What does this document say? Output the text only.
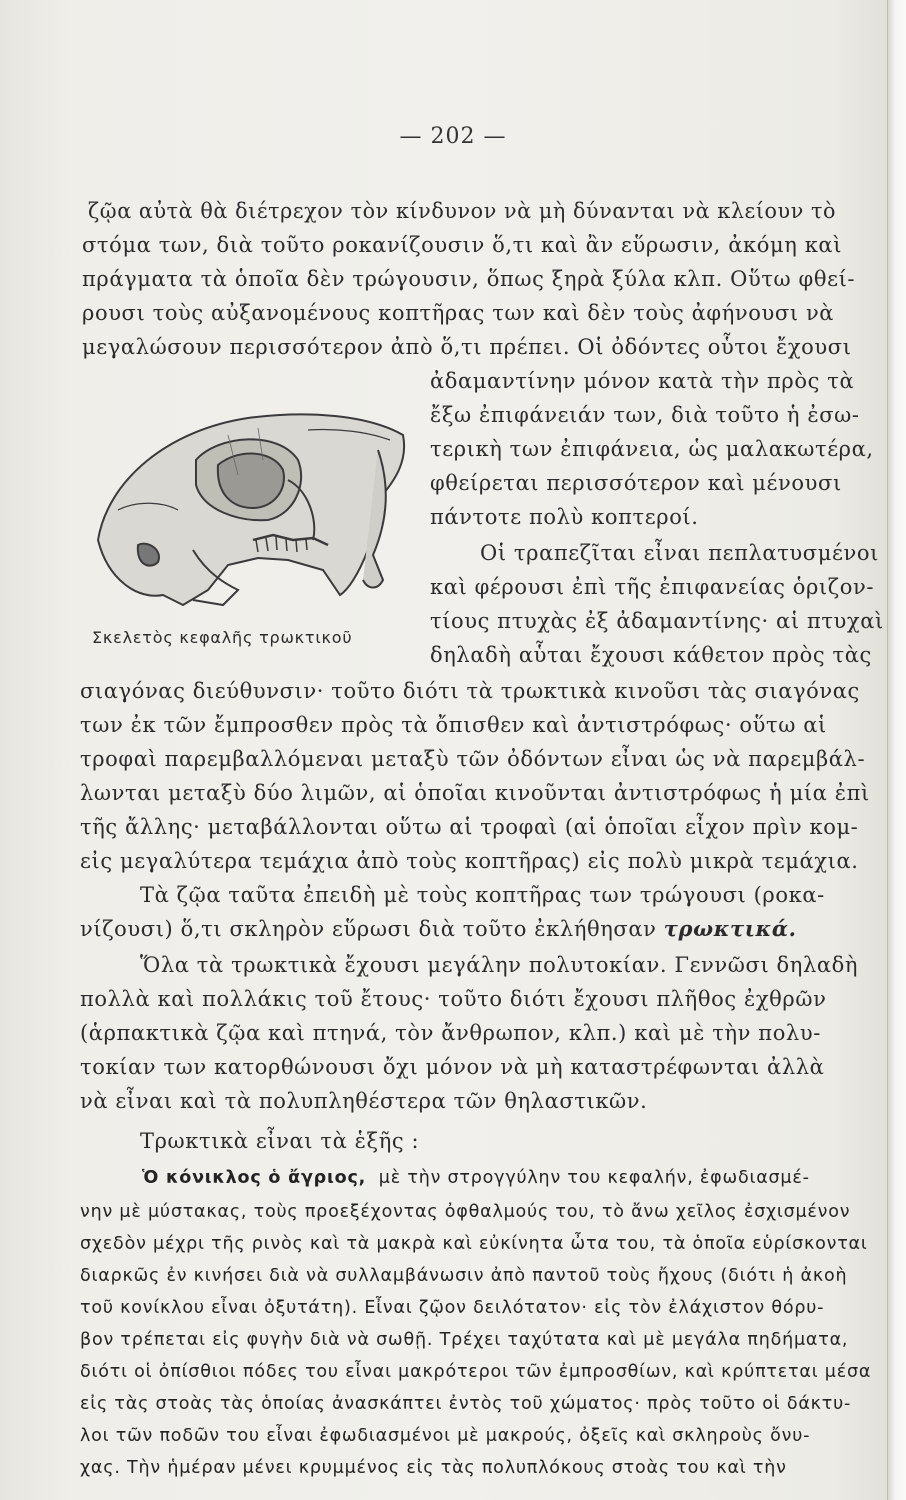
— 202 —
ζῷα αὐτὰ θὰ διέτρεχον τὸν κίνδυνον νὰ μὴ δύνανται νὰ κλείουν τὸ
στόμα των, διὰ τοῦτο ροκανίζουσιν ὅ,τι καὶ ἂν εὕρωσιν, ἀκόμη καὶ
πράγματα τὰ ὁποῖα δὲν τρώγουσιν, ὅπως ξηρὰ ξύλα κλπ. Οὕτω φθεί-
ρουσι τοὺς αὐξανομένους κοπτῆρας των καὶ δὲν τοὺς ἀφήνουσι νὰ
μεγαλώσουν περισσότερον ἀπὸ ὅ,τι πρέπει. Οἱ ὀδόντες οὗτοι ἔχουσι
Σκελετὸς κεφαλῆς τρωκτικοῦ
ἀδαμαντίνην μόνον κατὰ τὴν πρὸς τὰ
ἔξω ἐπιφάνειάν των, διὰ τοῦτο ἡ ἐσω-
τερικὴ των ἐπιφάνεια, ὡς μαλακωτέρα,
φθείρεται περισσότερον καὶ μένουσι
πάντοτε πολὺ κοπτεροί.
Οἱ τραπεζῖται εἶναι πεπλατυσμένοι
καὶ φέρουσι ἐπὶ τῆς ἐπιφανείας ὁριζον-
τίους πτυχὰς ἐξ ἀδαμαντίνης· αἱ πτυχαὶ
δηλαδὴ αὗται ἔχουσι κάθετον πρὸς τὰς
σιαγόνας διεύθυνσιν· τοῦτο διότι τὰ τρωκτικὰ κινοῦσι τὰς σιαγόνας
των ἐκ τῶν ἔμπροσθεν πρὸς τὰ ὄπισθεν καὶ ἀντιστρόφως· οὕτω αἱ
τροφαὶ παρεμβαλλόμεναι μεταξὺ τῶν ὀδόντων εἶναι ὡς νὰ παρεμβάλ-
λωνται μεταξὺ δύο λιμῶν, αἱ ὁποῖαι κινοῦνται ἀντιστρόφως ἡ μία ἐπὶ
τῆς ἄλλης· μεταβάλλονται οὕτω αἱ τροφαὶ (αἱ ὁποῖαι εἶχον πρὶν κομ-
εἰς μεγαλύτερα τεμάχια ἀπὸ τοὺς κοπτῆρας) εἰς πολὺ μικρὰ τεμάχια.
Τὰ ζῷα ταῦτα ἐπειδὴ μὲ τοὺς κοπτῆρας των τρώγουσι (ροκα-
νίζουσι) ὅ,τι σκληρὸν εὕρωσι διὰ τοῦτο ἐκλήθησαν τρωκτικά.
Ὅλα τὰ τρωκτικὰ ἔχουσι μεγάλην πολυτοκίαν. Γεννῶσι δηλαδὴ
πολλὰ καὶ πολλάκις τοῦ ἔτους· τοῦτο διότι ἔχουσι πλῆθος ἐχθρῶν
(ἁρπακτικὰ ζῷα καὶ πτηνά, τὸν ἄνθρωπον, κλπ.) καὶ μὲ τὴν πολυ-
τοκίαν των κατορθώνουσι ὄχι μόνον νὰ μὴ καταστρέφωνται ἀλλὰ
νὰ εἶναι καὶ τὰ πολυπληθέστερα τῶν θηλαστικῶν.
Τρωκτικὰ εἶναι τὰ ἑξῆς :
Ὁ κόνικλος ὁ ἄγριος, μὲ τὴν στρογγύλην του κεφαλήν, ἐφωδιασμέ-
νην μὲ μύστακας, τοὺς προεξέχοντας ὀφθαλμούς του, τὸ ἄνω χεῖλος ἐσχισμένον
σχεδὸν μέχρι τῆς ρινὸς καὶ τὰ μακρὰ καὶ εὐκίνητα ὦτα του, τὰ ὁποῖα εὑρίσκονται
διαρκῶς ἐν κινήσει διὰ νὰ συλλαμβάνωσιν ἀπὸ παντοῦ τοὺς ἤχους (διότι ἡ ἀκοὴ
τοῦ κονίκλου εἶναι ὀξυτάτη). Εἶναι ζῷον δειλότατον· εἰς τὸν ἐλάχιστον θόρυ-
βον τρέπεται εἰς φυγὴν διὰ νὰ σωθῇ. Τρέχει ταχύτατα καὶ μὲ μεγάλα πηδήματα,
διότι οἱ ὀπίσθιοι πόδες του εἶναι μακρότεροι τῶν ἐμπροσθίων, καὶ κρύπτεται μέσα
εἰς τὰς στοὰς τὰς ὁποίας ἀνασκάπτει ἐντὸς τοῦ χώματος· πρὸς τοῦτο οἱ δάκτυ-
λοι τῶν ποδῶν του εἶναι ἐφωδιασμένοι μὲ μακρούς, ὀξεῖς καὶ σκληροὺς ὄνυ-
χας. Τὴν ἡμέραν μένει κρυμμένος εἰς τὰς πολυπλόκους στοὰς του καὶ τὴν
